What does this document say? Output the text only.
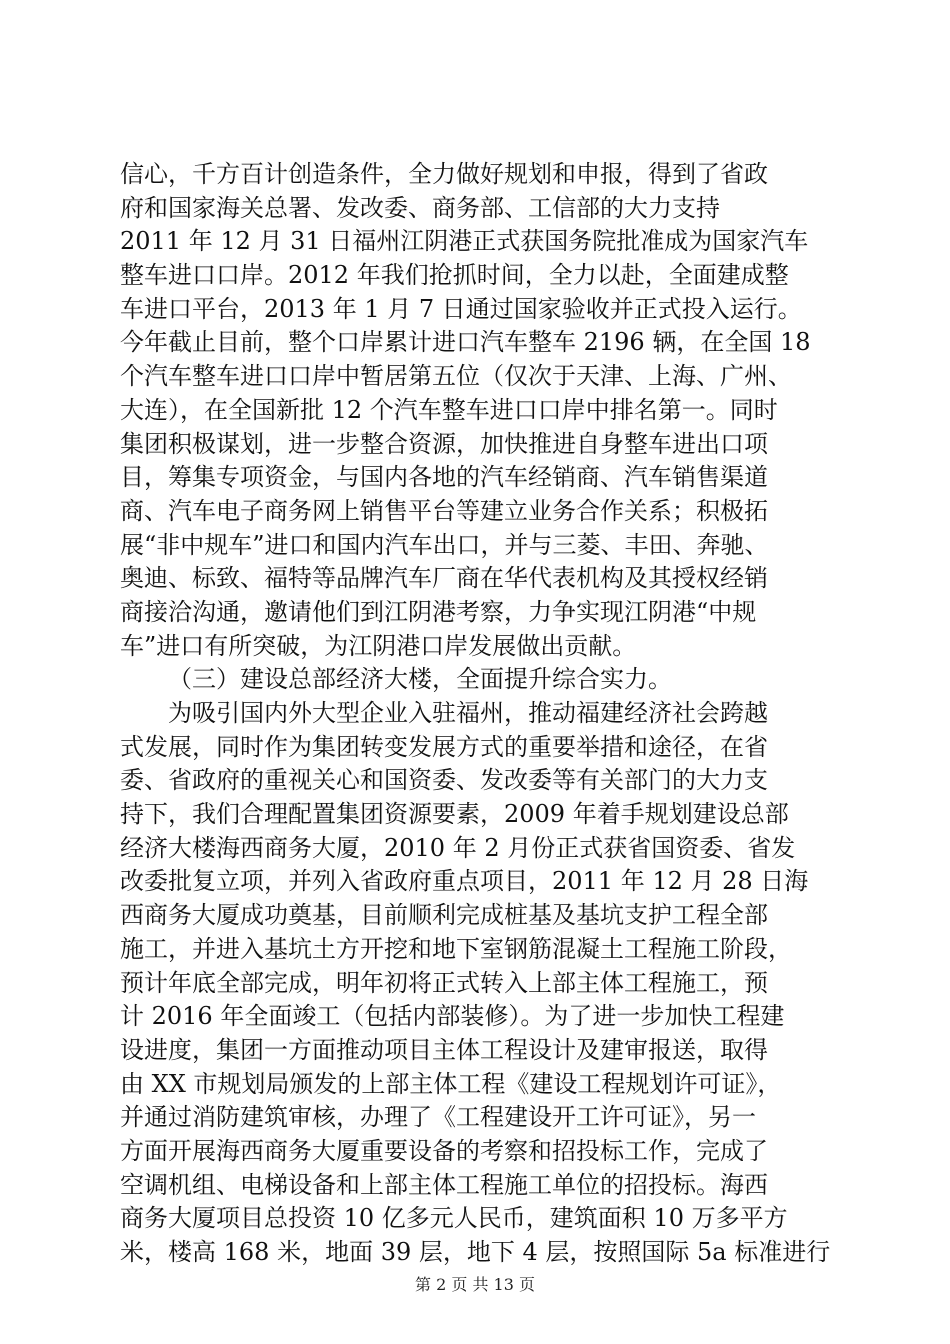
信心，千方百计创造条件，全力做好规划和申报，得到了省政
府和国家海关总署、发改委、商务部、工信部的大力支持
2011 年 12 月 31 日福州江阴港正式获国务院批准成为国家汽车
整车进口口岸。2012 年我们抢抓时间，全力以赴，全面建成整
车进口平台，2013 年 1 月 7 日通过国家验收并正式投入运行。
今年截止目前，整个口岸累计进口汽车整车 2196 辆，在全国 18
个汽车整车进口口岸中暂居第五位（仅次于天津、上海、广州、
大连），在全国新批 12 个汽车整车进口口岸中排名第一。同时
集团积极谋划，进一步整合资源，加快推进自身整车进出口项
目，筹集专项资金，与国内各地的汽车经销商、汽车销售渠道
商、汽车电子商务网上销售平台等建立业务合作关系；积极拓
展“非中规车”进口和国内汽车出口，并与三菱、丰田、奔驰、
奥迪、标致、福特等品牌汽车厂商在华代表机构及其授权经销
商接洽沟通，邀请他们到江阴港考察，力争实现江阴港“中规
车”进口有所突破，为江阴港口岸发展做出贡献。
（三）建设总部经济大楼，全面提升综合实力。
为吸引国内外大型企业入驻福州，推动福建经济社会跨越
式发展，同时作为集团转变发展方式的重要举措和途径，在省
委、省政府的重视关心和国资委、发改委等有关部门的大力支
持下，我们合理配置集团资源要素，2009 年着手规划建设总部
经济大楼海西商务大厦，2010 年 2 月份正式获省国资委、省发
改委批复立项，并列入省政府重点项目，2011 年 12 月 28 日海
西商务大厦成功奠基，目前顺利完成桩基及基坑支护工程全部
施工，并进入基坑土方开挖和地下室钢筋混凝土工程施工阶段，
预计年底全部完成，明年初将正式转入上部主体工程施工，预
计 2016 年全面竣工（包括内部装修）。为了进一步加快工程建
设进度，集团一方面推动项目主体工程设计及建审报送，取得
由 XX 市规划局颁发的上部主体工程《建设工程规划许可证》，
并通过消防建筑审核，办理了《工程建设开工许可证》，另一
方面开展海西商务大厦重要设备的考察和招投标工作，完成了
空调机组、电梯设备和上部主体工程施工单位的招投标。海西
商务大厦项目总投资 10 亿多元人民币，建筑面积 10 万多平方
米，楼高 168 米，地面 39 层，地下 4 层，按照国际 5a 标准进行
第 2 页 共 13 页
